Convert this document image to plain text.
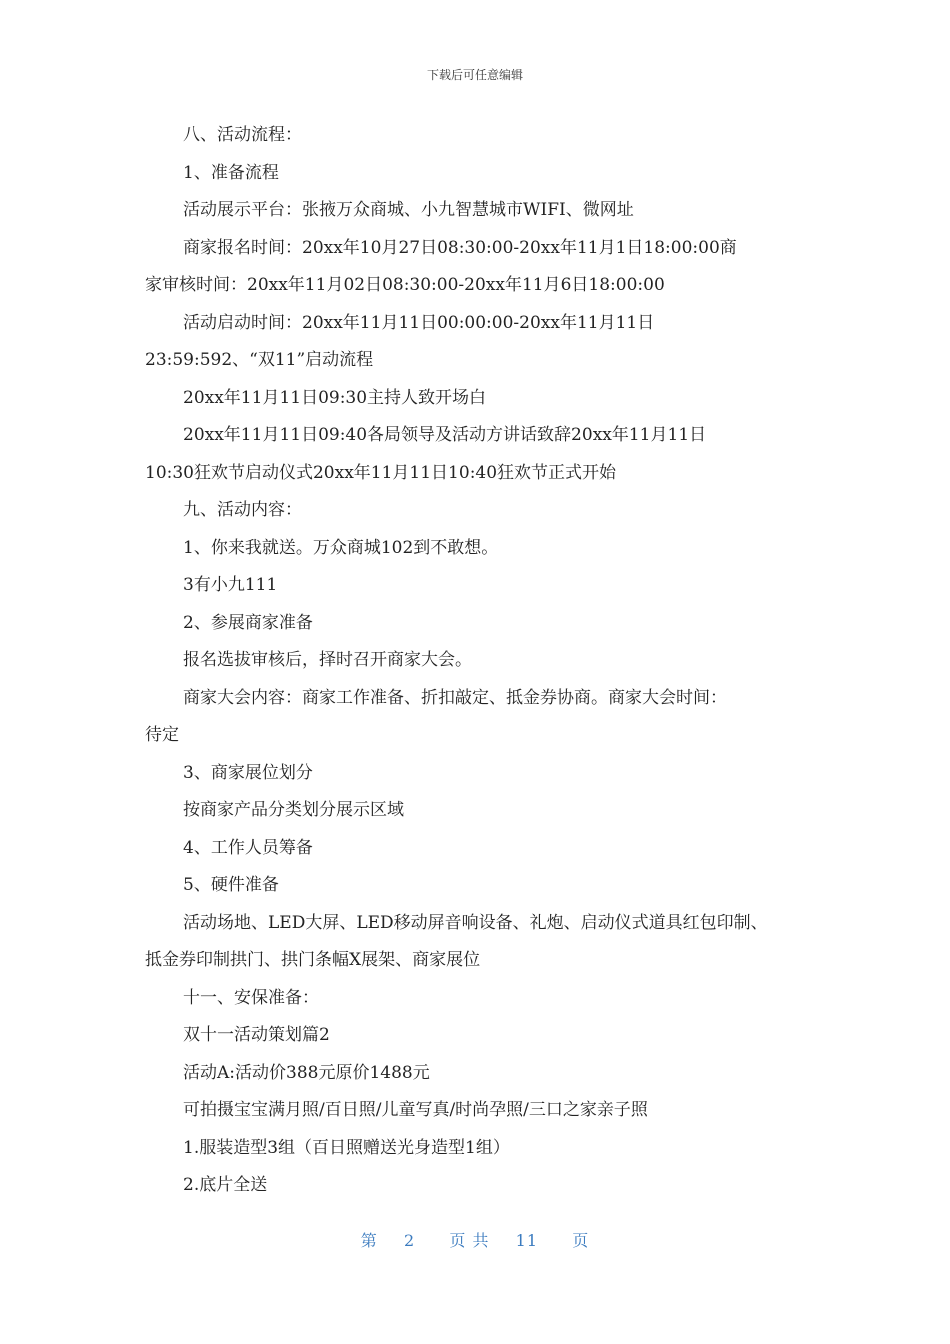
下载后可任意编辑

八、活动流程：

1、准备流程

活动展示平台：张掖万众商城、小九智慧城市WIFI、微网址

商家报名时间：20xx年10月27日08:30:00-20xx年11月1日18:00:00商

家审核时间：20xx年11月02日08:30:00-20xx年11月6日18:00:00

活动启动时间：20xx年11月11日00:00:00-20xx年11月11日

23:59:592、“双11”启动流程

20xx年11月11日09:30主持人致开场白

20xx年11月11日09:40各局领导及活动方讲话致辞20xx年11月11日

10:30狂欢节启动仪式20xx年11月11日10:40狂欢节正式开始

九、活动内容：

1、你来我就送。万众商城102到不敢想。

3有小九111

2、参展商家准备

报名选拔审核后，择时召开商家大会。

商家大会内容：商家工作准备、折扣敲定、抵金券协商。商家大会时间：

待定

3、商家展位划分

按商家产品分类划分展示区域

4、工作人员筹备

5、硬件准备

活动场地、LED大屏、LED移动屏音响设备、礼炮、启动仪式道具红包印制、

抵金券印制拱门、拱门条幅X展架、商家展位

十一、安保准备：

双十一活动策划篇2

活动A:活动价388元原价1488元

可拍摄宝宝满月照/百日照/儿童写真/时尚孕照/三口之家亲子照

1.服装造型3组（百日照赠送光身造型1组）

2.底片全送

第 2 页 共 11 页
